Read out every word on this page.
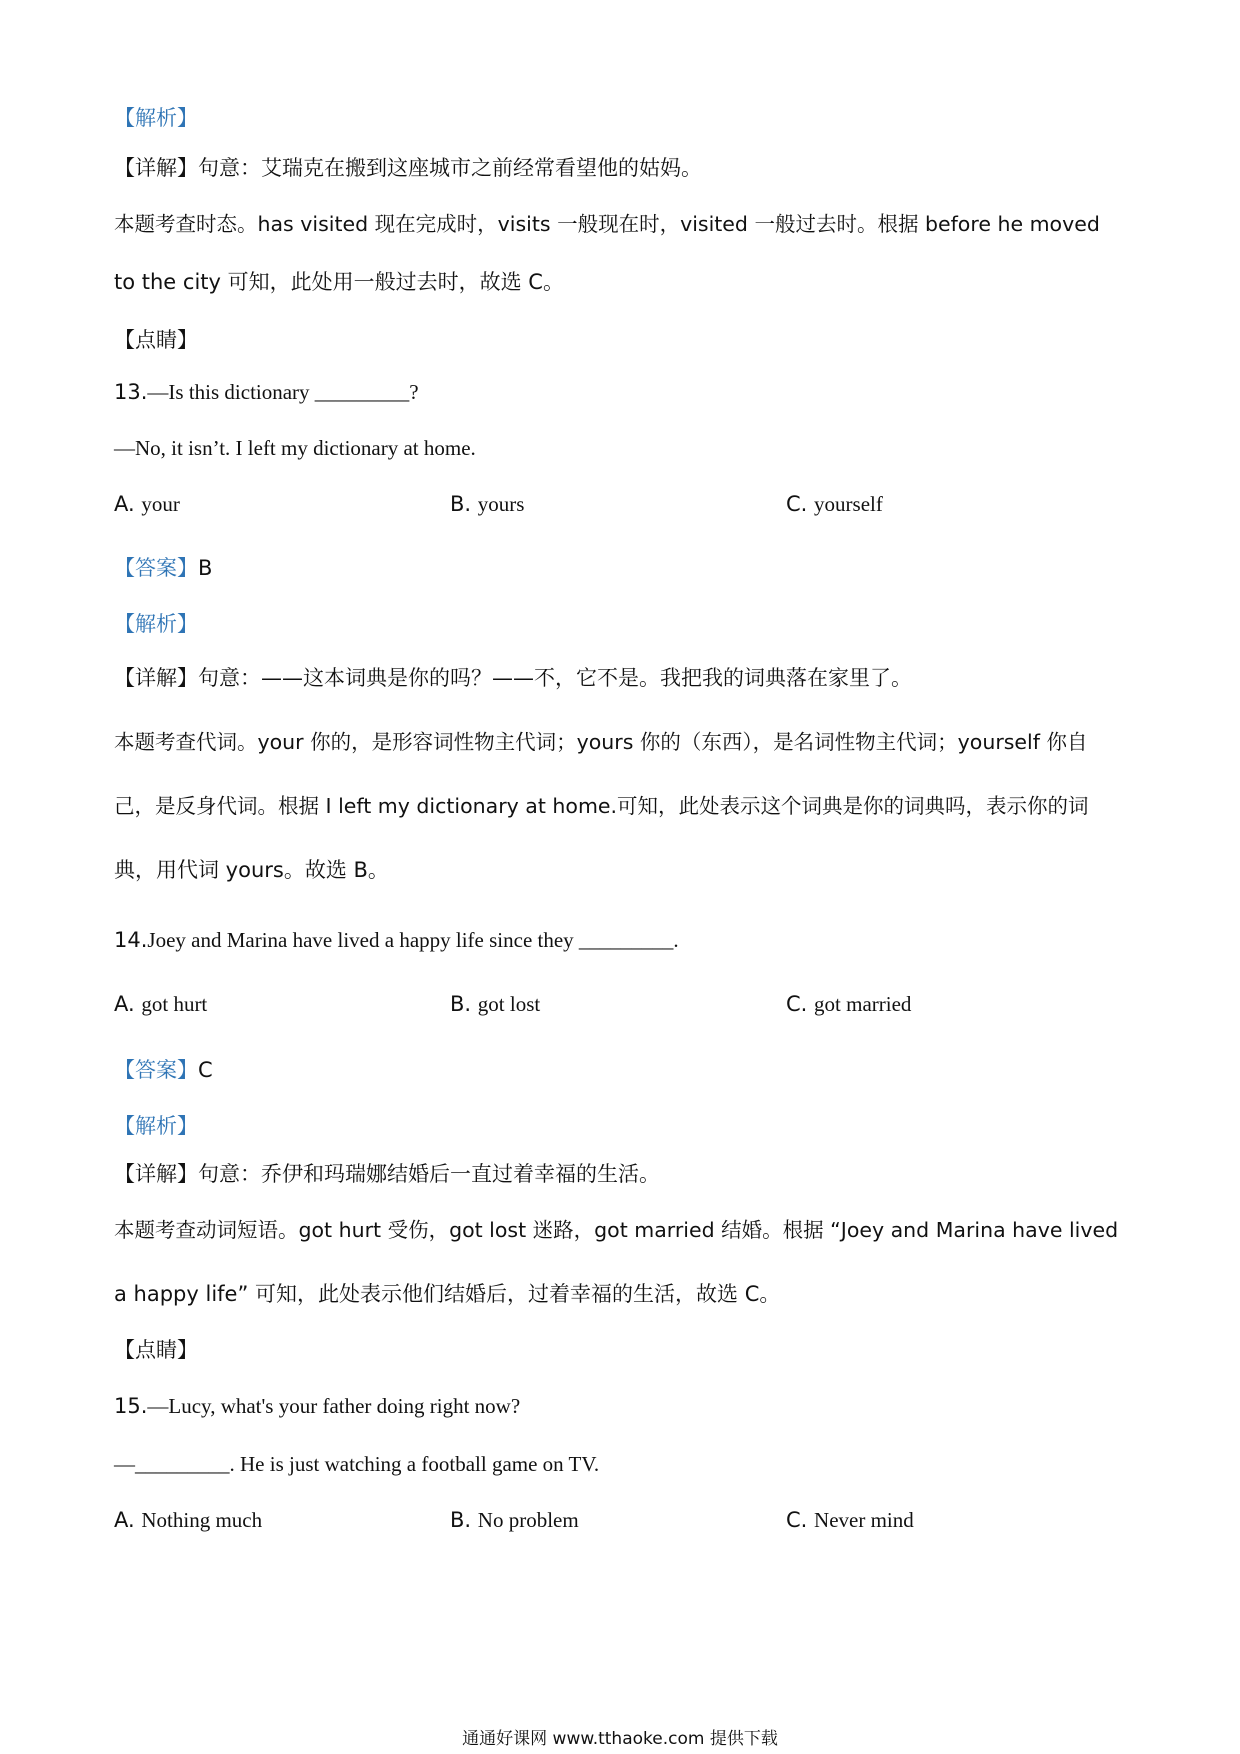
【解析】
【详解】句意：艾瑞克在搬到这座城市之前经常看望他的姑妈。
本题考查时态。has visited 现在完成时，visits 一般现在时，visited 一般过去时。根据 before he moved
to the city 可知，此处用一般过去时，故选 C。
【点睛】
13.—Is this dictionary _________?
—No, it isn’t. I left my dictionary at home.
A. your	B. yours	C. yourself
【答案】B
【解析】
【详解】句意：——这本词典是你的吗？——不，它不是。我把我的词典落在家里了。
本题考查代词。your 你的，是形容词性物主代词；yours 你的（东西），是名词性物主代词；yourself 你自
己，是反身代词。根据 I left my dictionary at home.可知，此处表示这个词典是你的词典吗，表示你的词
典，用代词 yours。故选 B。
14.Joey and Marina have lived a happy life since they _________.
A. got hurt	B. got lost	C. got married
【答案】C
【解析】
【详解】句意：乔伊和玛瑞娜结婚后一直过着幸福的生活。
本题考查动词短语。got hurt 受伤，got lost 迷路，got married 结婚。根据 “Joey and Marina have lived
a happy life” 可知，此处表示他们结婚后，过着幸福的生活，故选 C。
【点睛】
15.—Lucy, what's your father doing right now?
—_________. He is just watching a football game on TV.
A. Nothing much	B. No problem	C. Never mind
通通好课网 www.tthaoke.com 提供下载
